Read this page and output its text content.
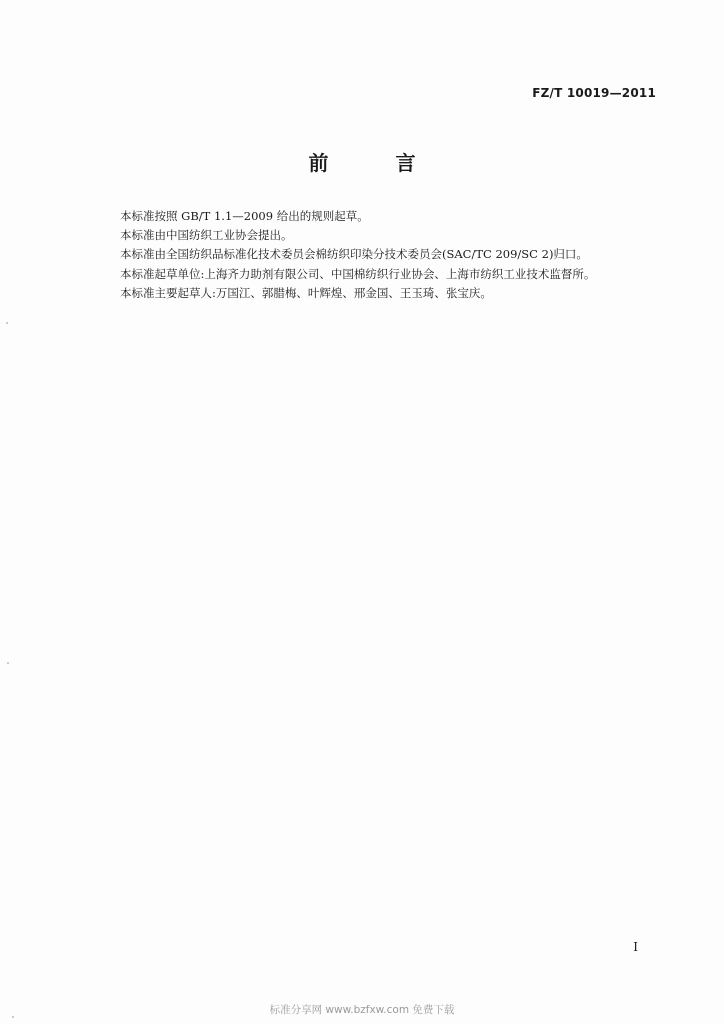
FZ/T 10019—2011
前 言
本标准按照 GB/T 1.1—2009 给出的规则起草。
本标准由中国纺织工业协会提出。
本标准由全国纺织品标准化技术委员会棉纺织印染分技术委员会(SAC/TC 209/SC 2)归口。
本标准起草单位:上海齐力助剂有限公司、中国棉纺织行业协会、上海市纺织工业技术监督所。
本标准主要起草人:万国江、郭腊梅、叶辉煌、邢金国、王玉琦、张宝庆。
I
标准分享网 www.bzfxw.com 免费下载
